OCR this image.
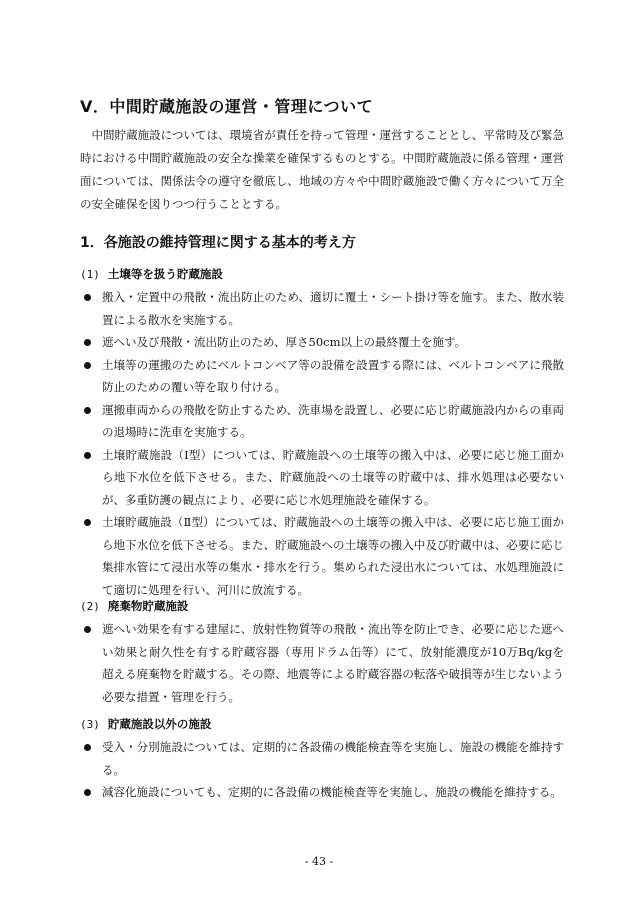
Ⅴ．中間貯蔵施設の運営・管理について
中間貯蔵施設については、環境省が責任を持って管理・運営することとし、平常時及び緊急時における中間貯蔵施設の安全な操業を確保するものとする。中間貯蔵施設に係る管理・運営面については、関係法令の遵守を徹底し、地域の方々や中間貯蔵施設で働く方々について万全の安全確保を図りつつ行うこととする。
1．各施設の維持管理に関する基本的考え方
(1) 土壌等を扱う貯蔵施設
搬入・定置中の飛散・流出防止のため、適切に覆土・シート掛け等を施す。また、散水装置による散水を実施する。
遮へい及び飛散・流出防止のため、厚さ50cm以上の最終覆土を施す。
土壌等の運搬のためにベルトコンベア等の設備を設置する際には、ベルトコンベアに飛散防止のための覆い等を取り付ける。
運搬車両からの飛散を防止するため、洗車場を設置し、必要に応じ貯蔵施設内からの車両の退場時に洗車を実施する。
土壌貯蔵施設（Ⅰ型）については、貯蔵施設への土壌等の搬入中は、必要に応じ施工面から地下水位を低下させる。また、貯蔵施設への土壌等の貯蔵中は、排水処理は必要ないが、多重防護の観点により、必要に応じ水処理施設を確保する。
土壌貯蔵施設（Ⅱ型）については、貯蔵施設への土壌等の搬入中は、必要に応じ施工面から地下水位を低下させる。また、貯蔵施設への土壌等の搬入中及び貯蔵中は、必要に応じ集排水管にて浸出水等の集水・排水を行う。集められた浸出水については、水処理施設にて適切に処理を行い、河川に放流する。
(2) 廃棄物貯蔵施設
遮へい効果を有する建屋に、放射性物質等の飛散・流出等を防止でき、必要に応じた遮へい効果と耐久性を有する貯蔵容器（専用ドラム缶等）にて、放射能濃度が10万Bq/kgを超える廃棄物を貯蔵する。その際、地震等による貯蔵容器の転落や破損等が生じないよう必要な措置・管理を行う。
(3) 貯蔵施設以外の施設
受入・分別施設については、定期的に各設備の機能検査等を実施し、施設の機能を維持する。
減容化施設についても、定期的に各設備の機能検査等を実施し、施設の機能を維持する。
- 43 -
